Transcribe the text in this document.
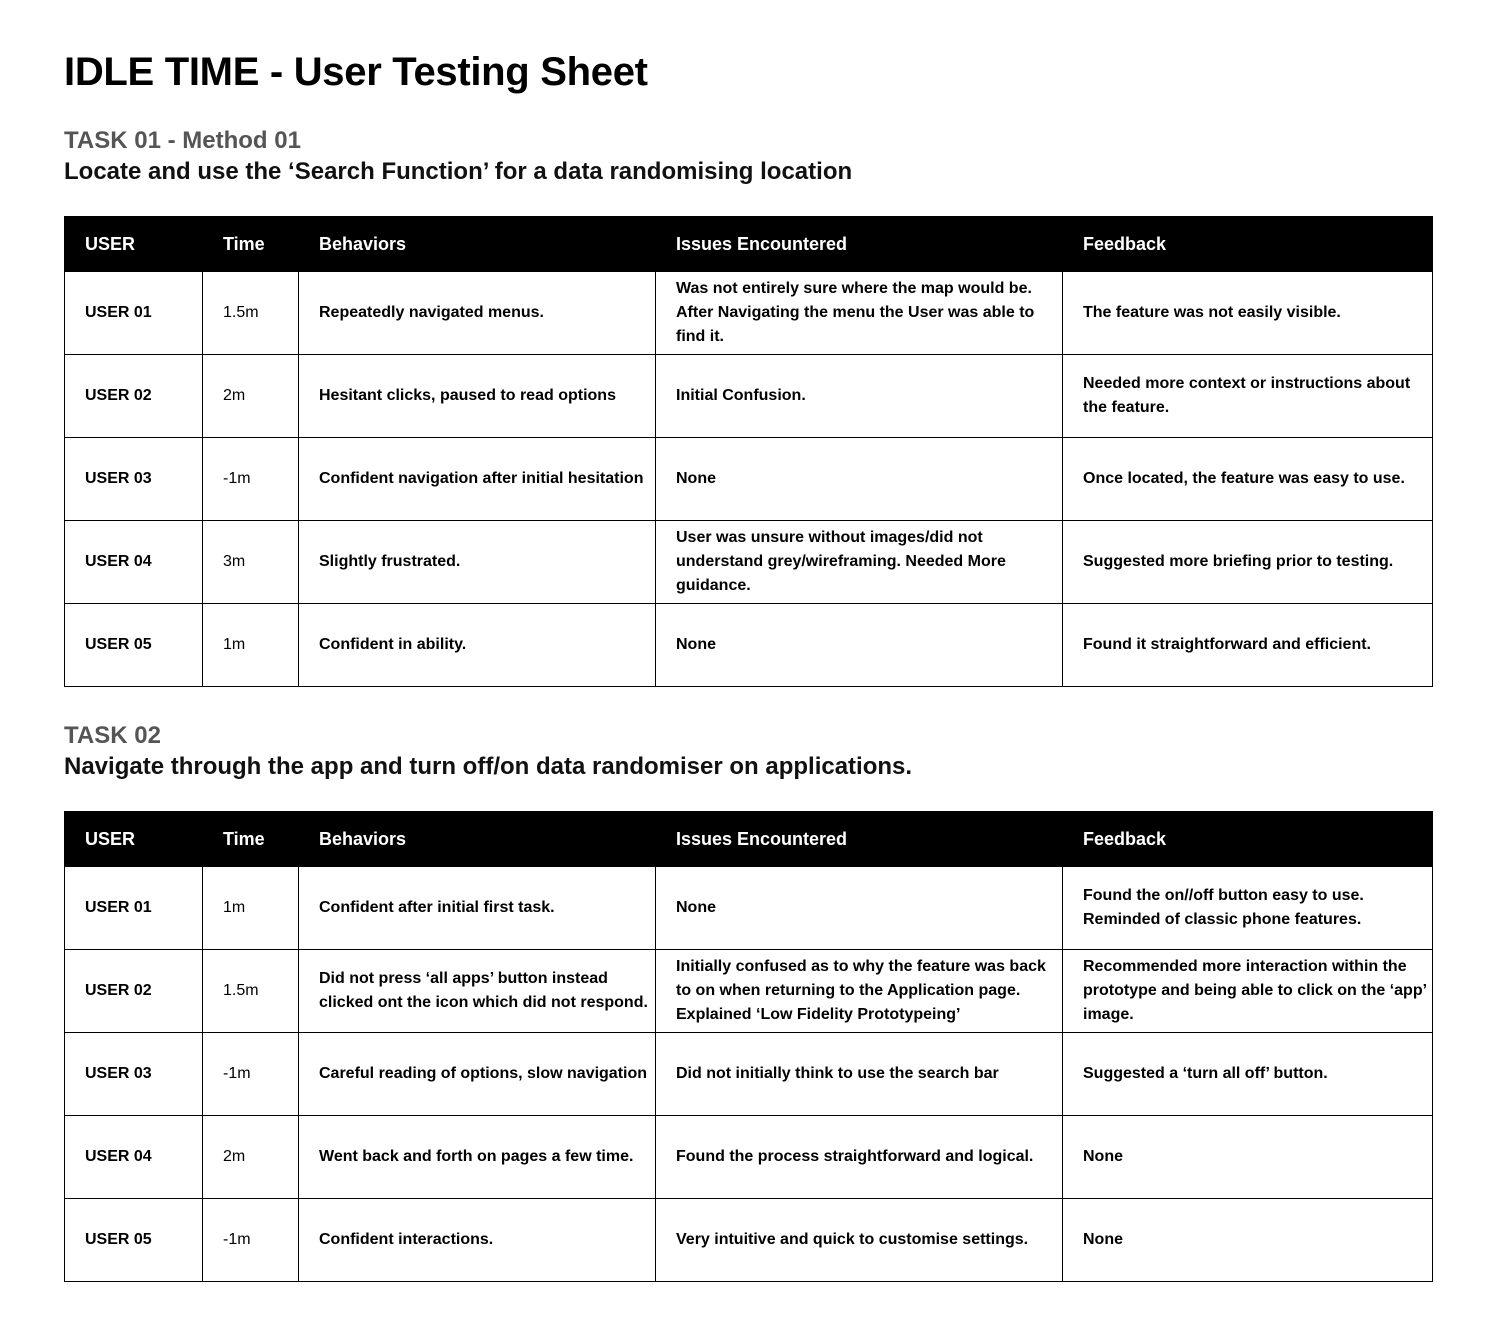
IDLE TIME - User Testing Sheet
TASK 01 - Method 01

Locate and use the ‘Search Function’ for a data randomising location

USER	Time	Behaviors	Issues Encountered	Feedback
USER 01	1.5m	Repeatedly navigated menus.	Was not entirely sure where the map would be. After Navigating the menu the User was able to find it.	The feature was not easily visible.
USER 02	2m	Hesitant clicks, paused to read options	Initial Confusion.	Needed more context or instructions about the feature.
USER 03	-1m	Confident navigation after initial hesitation	None	Once located, the feature was easy to use.
USER 04	3m	Slightly frustrated.	User was unsure without images/did not understand grey/wireframing. Needed More guidance.	Suggested more briefing prior to testing.
USER 05	1m	Confident in ability.	None	Found it straightforward and efficient.
TASK 02

Navigate through the app and turn off/on data randomiser on applications.

USER	Time	Behaviors	Issues Encountered	Feedback
USER 01	1m	Confident after initial first task.	None	Found the on//off button easy to use. Reminded of classic phone features.
USER 02	1.5m	Did not press ‘all apps’ button instead clicked ont the icon which did not respond.	Initially confused as to why the feature was back to on when returning to the Application page. Explained ‘Low Fidelity Prototypeing’	Recommended more interaction within the prototype and being able to click on the ‘app’ image.
USER 03	-1m	Careful reading of options, slow navigation	Did not initially think to use the search bar	Suggested a ‘turn all off’ button.
USER 04	2m	Went back and forth on pages a few time.	Found the process straightforward and logical.	None
USER 05	-1m	Confident interactions.	Very intuitive and quick to customise settings.	None
